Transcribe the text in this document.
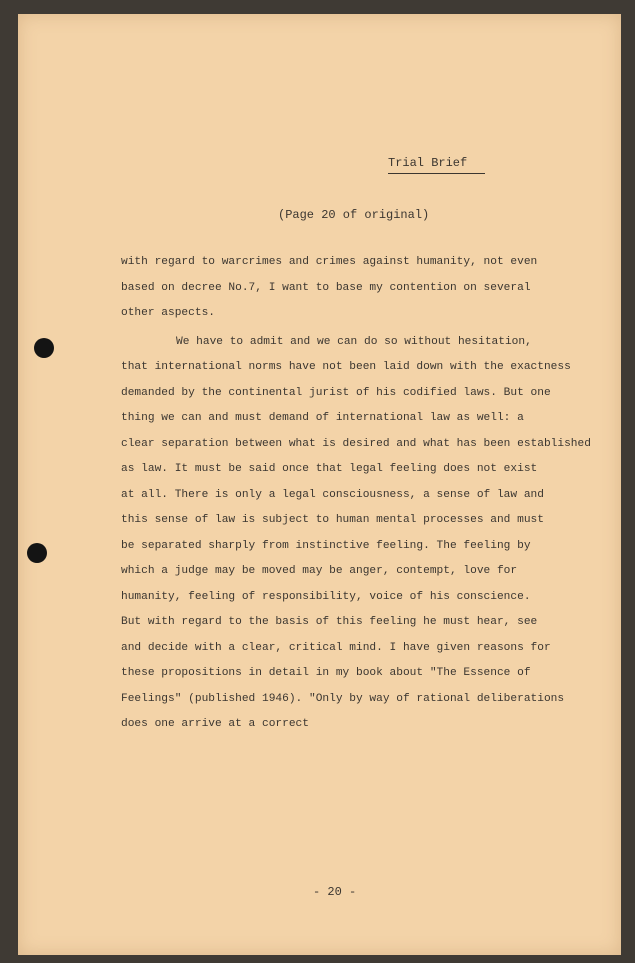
Trial Brief
(Page 20 of original)
with regard to warcrimes and crimes against humanity, not even
based on decree No.7, I want to base my contention on several
other aspects.
We have to admit and we can do so without hesitation,
that international norms have not been laid down with the exactness
demanded by the continental jurist of his codified laws. But one
thing we can and must demand of international law as well: a
clear separation between what is desired and what has been established
as law. It must be said once that legal feeling does not exist
at all. There is only a legal consciousness, a sense of law and
this sense of law is subject to human mental processes and must
be separated sharply from instinctive feeling. The feeling by
which a judge may be moved may be anger, contempt, love for
humanity, feeling of responsibility, voice of his conscience.
But with regard to the basis of this feeling he must hear, see
and decide with a clear, critical mind. I have given reasons for
these propositions in detail in my book about "The Essence of
Feelings" (published 1946). "Only by way of rational deliberations
does one arrive at a correct
- 20 -
